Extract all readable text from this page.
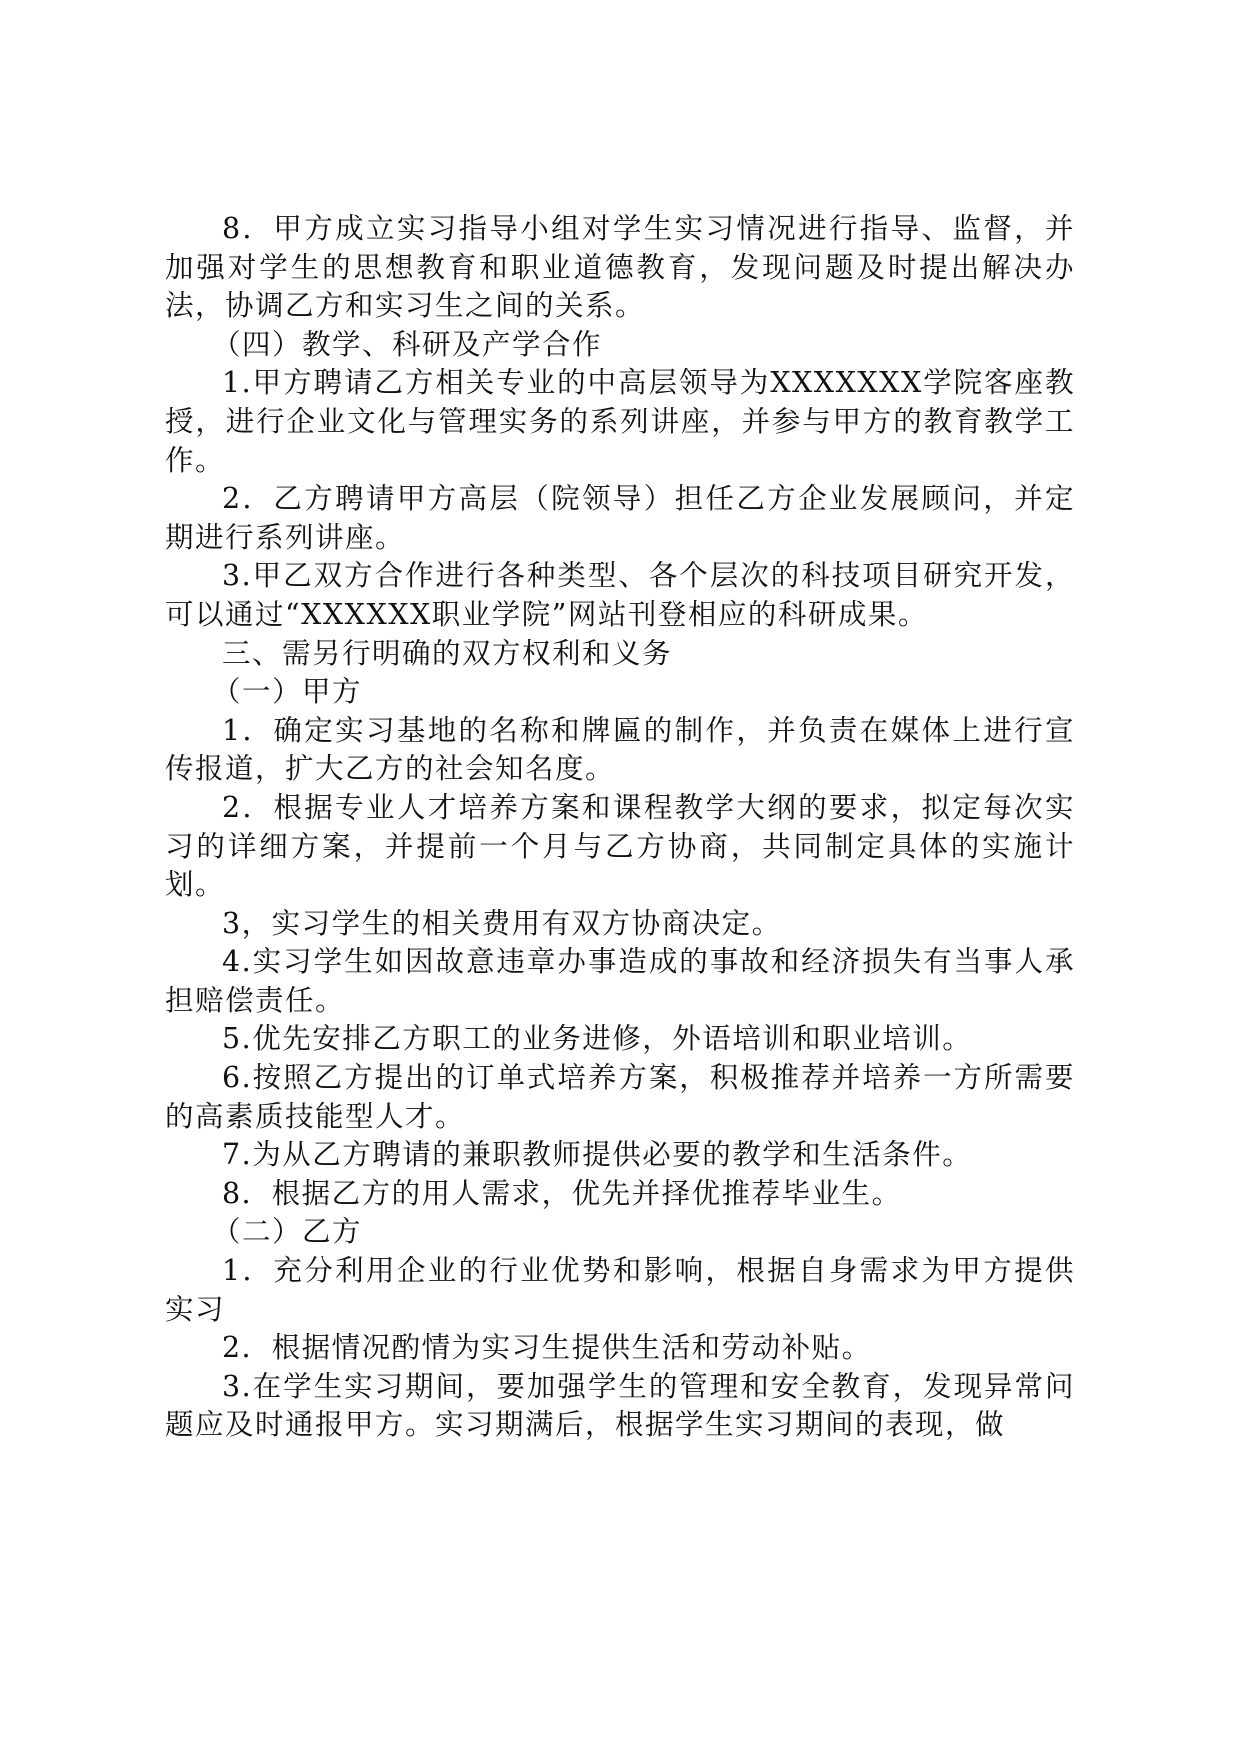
8．甲方成立实习指导小组对学生实习情况进行指导、监督，并加强对学生的思想教育和职业道德教育，发现问题及时提出解决办法，协调乙方和实习生之间的关系。

（四）教学、科研及产学合作

1.甲方聘请乙方相关专业的中高层领导为XXXXXXX学院客座教授，进行企业文化与管理实务的系列讲座，并参与甲方的教育教学工作。

2．乙方聘请甲方高层（院领导）担任乙方企业发展顾问，并定期进行系列讲座。

3.甲乙双方合作进行各种类型、各个层次的科技项目研究开发，可以通过“XXXXXX职业学院”网站刊登相应的科研成果。

三、需另行明确的双方权利和义务

（一）甲方

1．确定实习基地的名称和牌匾的制作，并负责在媒体上进行宣传报道，扩大乙方的社会知名度。

2．根据专业人才培养方案和课程教学大纲的要求，拟定每次实习的详细方案，并提前一个月与乙方协商，共同制定具体的实施计划。

3，实习学生的相关费用有双方协商决定。

4.实习学生如因故意违章办事造成的事故和经济损失有当事人承担赔偿责任。

5.优先安排乙方职工的业务进修，外语培训和职业培训。

6.按照乙方提出的订单式培养方案，积极推荐并培养一方所需要的高素质技能型人才。

7.为从乙方聘请的兼职教师提供必要的教学和生活条件。

8．根据乙方的用人需求，优先并择优推荐毕业生。

（二）乙方

1．充分利用企业的行业优势和影响，根据自身需求为甲方提供实习

2．根据情况酌情为实习生提供生活和劳动补贴。

3.在学生实习期间，要加强学生的管理和安全教育，发现异常问题应及时通报甲方。实习期满后，根据学生实习期间的表现，做
